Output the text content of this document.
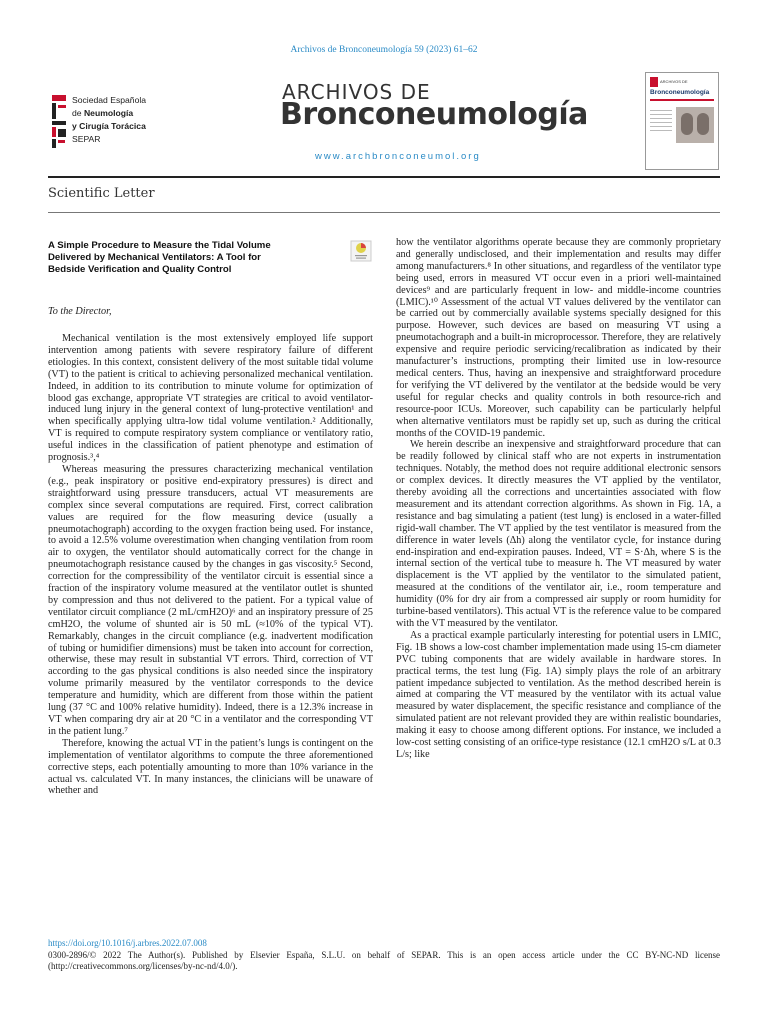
Archivos de Bronconeumología 59 (2023) 61–62
Sociedad Española
de Neumología
y Cirugía Torácica
SEPAR
ARCHIVOS DE
Bronconeumología
www.archbronconeumol.org
ARCHIVOS DE
Bronconeumología
Scientific Letter
A Simple Procedure to Measure the Tidal Volume Delivered by Mechanical Ventilators: A Tool for Bedside Verification and Quality Control
To the Director,

Mechanical ventilation is the most extensively employed life support intervention among patients with severe respiratory failure of different etiologies. In this context, consistent delivery of the most suitable tidal volume (VT) to the patient is critical to achieving personalized mechanical ventilation. Indeed, in addition to its contribution to minute volume for optimization of blood gas exchange, appropriate VT strategies are critical to avoid ventilator-induced lung injury in the general context of lung-protective ventilation¹ and when specifically applying ultra-low tidal volume ventilation.² Additionally, VT is required to compute respiratory system compliance or ventilatory ratio, useful indices in the classification of patient phenotype and estimation of prognosis.³,⁴

Whereas measuring the pressures characterizing mechanical ventilation (e.g., peak inspiratory or positive end-expiratory pressures) is direct and straightforward using pressure transducers, actual VT measurements are complex since several computations are required. First, correct calibration values are required for the flow measuring device (usually a pneumotachograph) according to the oxygen fraction being used. For instance, to avoid a 12.5% volume overestimation when changing ventilation from room air to oxygen, the ventilator should automatically correct for the change in pneumotachograph resistance caused by the changes in gas viscosity.⁵ Second, correction for the compressibility of the ventilator circuit is essential since a fraction of the inspiratory volume measured at the ventilator outlet is shunted by compression and thus not delivered to the patient. For a typical value of ventilator circuit compliance (2 mL/cmH2O)⁶ and an inspiratory pressure of 25 cmH2O, the volume of shunted air is 50 mL (≈10% of the typical VT). Remarkably, changes in the circuit compliance (e.g. inadvertent modification of tubing or humidifier dimensions) must be taken into account for correction, otherwise, these may result in substantial VT errors. Third, correction of VT according to the gas physical conditions is also needed since the inspiratory volume primarily measured by the ventilator corresponds to the device temperature and humidity, which are different from those within the patient lung (37 °C and 100% relative humidity). Indeed, there is a 12.3% increase in VT when comparing dry air at 20 °C in a ventilator and the corresponding VT in the patient lung.⁷

Therefore, knowing the actual VT in the patient’s lungs is contingent on the implementation of ventilator algorithms to compute the three aforementioned corrective steps, each potentially amounting to more than 10% variance in the actual vs. calculated VT. In many instances, the clinicians will be unaware of whether and

how the ventilator algorithms operate because they are commonly proprietary and generally undisclosed, and their implementation and results may differ among manufacturers.⁸ In other situations, and regardless of the ventilator type being used, errors in measured VT occur even in a priori well-maintained devices⁹ and are particularly frequent in low- and middle-income countries (LMIC).¹⁰ Assessment of the actual VT values delivered by the ventilator can be carried out by commercially available systems specially designed for this purpose. However, such devices are based on measuring VT using a pneumotachograph and a built-in microprocessor. Therefore, they are relatively expensive and require periodic servicing/recalibration as indicated by their manufacturer’s instructions, prompting their limited use in low-resource medical centers. Thus, having an inexpensive and straightforward procedure for verifying the VT delivered by the ventilator at the bedside would be very useful for regular checks and quality controls in both resource-rich and resource-poor ICUs. Moreover, such capability can be particularly helpful when alternative ventilators must be rapidly set up, such as during the critical months of the COVID-19 pandemic.

We herein describe an inexpensive and straightforward procedure that can be readily followed by clinical staff who are not experts in instrumentation techniques. Notably, the method does not require additional electronic sensors or complex devices. It directly measures the VT applied by the ventilator, thereby avoiding all the corrections and uncertainties associated with flow measurement and its attendant correction algorithms. As shown in Fig. 1A, a resistance and bag simulating a patient (test lung) is enclosed in a water-filled rigid-wall chamber. The VT applied by the test ventilator is measured from the difference in water levels (Δh) along the ventilator cycle, for instance during end-inspiration and end-expiration pauses. Indeed, VT = S·Δh, where S is the internal section of the vertical tube to measure h. The VT measured by water displacement is the VT applied by the ventilator to the simulated patient, measured at the conditions of the ventilator air, i.e., room temperature and humidity (0% for dry air from a compressed air supply or room humidity for turbine-based ventilators). This actual VT is the reference value to be compared with the VT measured by the ventilator.

As a practical example particularly interesting for potential users in LMIC, Fig. 1B shows a low-cost chamber implementation made using 15-cm diameter PVC tubing components that are widely available in hardware stores. In practical terms, the test lung (Fig. 1A) simply plays the role of an arbitrary patient impedance subjected to ventilation. As the method described herein is aimed at comparing the VT measured by the ventilator with its actual value measured by water displacement, the specific resistance and compliance of the simulated patient are not relevant provided they are within realistic boundaries, making it easy to choose among different options. For instance, we included a low-cost setting consisting of an orifice-type resistance (12.1 cmH2O s/L at 0.3 L/s; like

https://doi.org/10.1016/j.arbres.2022.07.008
0300-2896/© 2022 The Author(s). Published by Elsevier España, S.L.U. on behalf of SEPAR. This is an open access article under the CC BY-NC-ND license (http://creativecommons.org/licenses/by-nc-nd/4.0/).
